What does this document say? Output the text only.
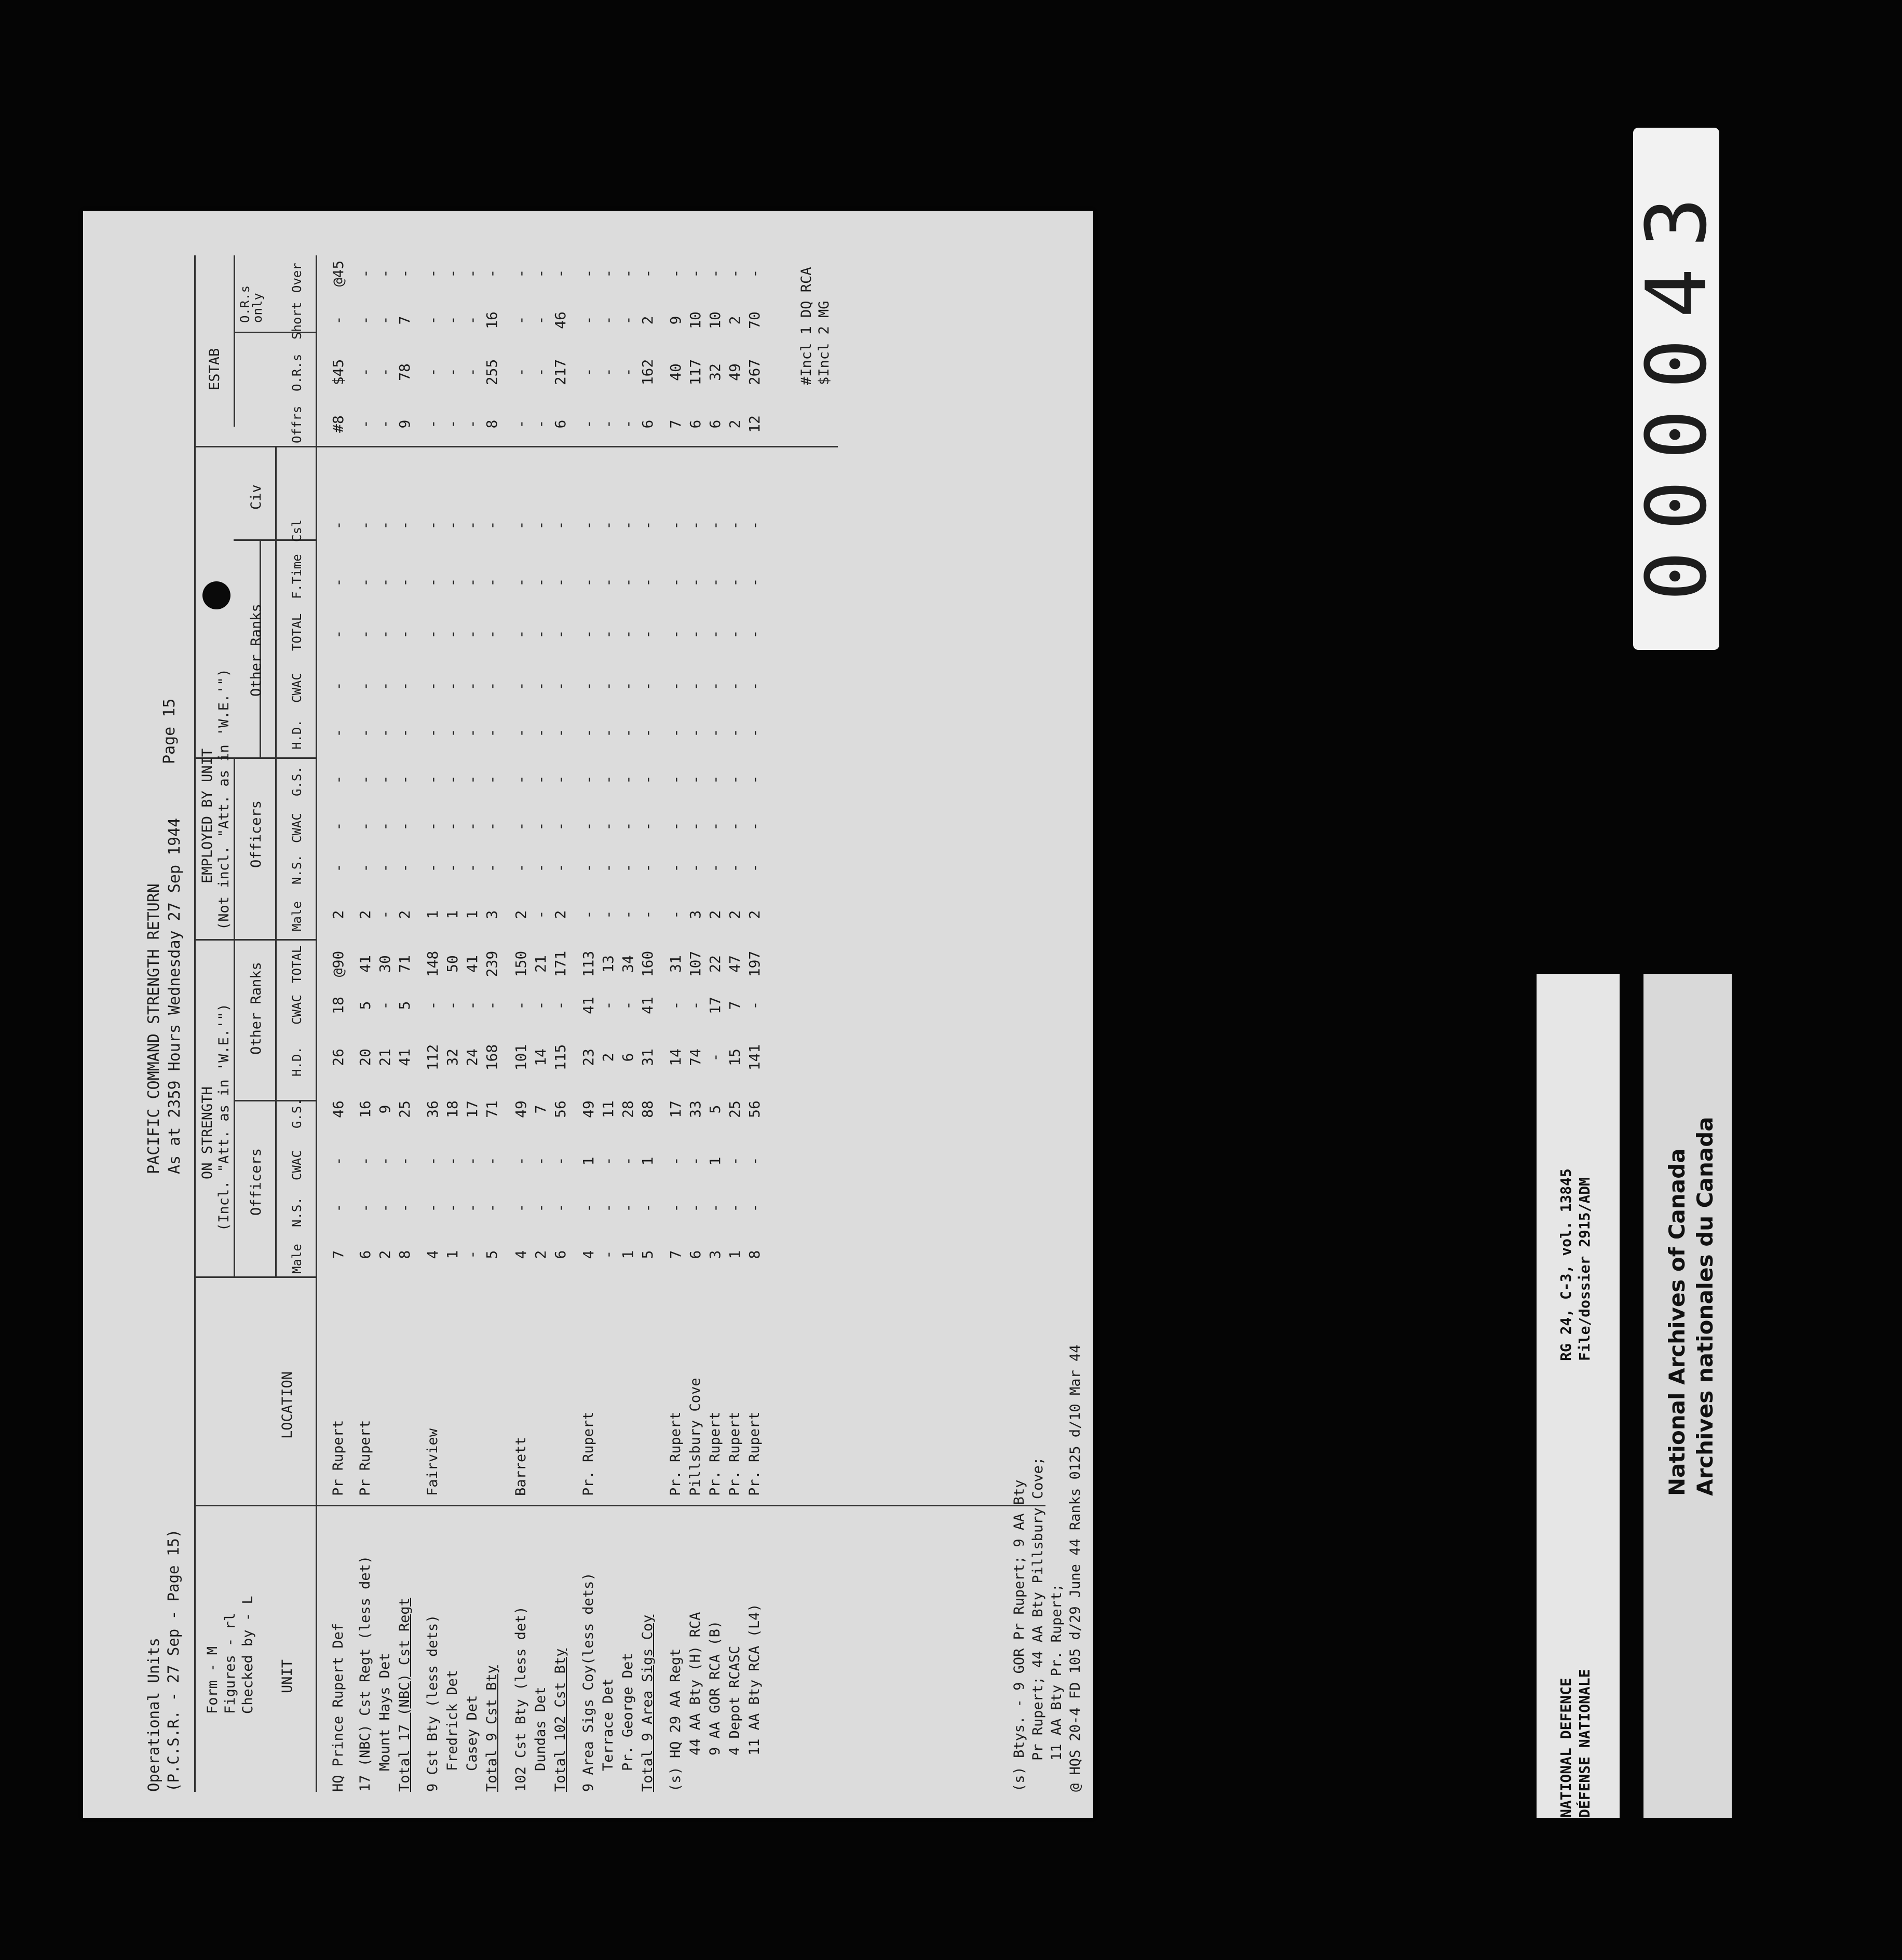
PACIFIC COMMAND STRENGTH RETURN As at 2359 Hours Wednesday 27 Sep 1944
Page 15
Operational Units (P.C.S.R. - 27 Sep - Page 15) Form - M Figures - rl Checked by - L UNIT
LOCATION
ON STRENGTH (Incl. "Att. as in 'W.E.'") Officers
Other Ranks
EMPLOYED BY UNIT (Not incl. "Att. as in 'W.E.'") Officers
Other Ranks
Civ
ESTAB
O.R.s only
Male
N.S.
CWAC
G.S.
H.D.
CWAC
TOTAL
Male
N.S.
CWAC
G.S.
H.D.
CWAC
TOTAL
F.Time
Csl
Offrs
O.R.s
Short
Over
HQ Prince Rupert Def
Pr Rupert
7
-
-
46
26
18
@90
2
-
-
-
-
-
-
-
-
#8
$45
-
@45
17 (NBC) Cst Regt (less det)
Pr Rupert
6
-
-
16
20
5
41
2
-
-
-
-
-
-
-
-
-
-
-
-
Mount Hays Det
2
-
-
9
21
-
30
-
-
-
-
-
-
-
-
-
-
-
-
-
Total 17 (NBC) Cst Regt
8
-
-
25
41
5
71
2
-
-
-
-
-
-
-
-
9
78
7
-
9 Cst Bty (less dets)
Fairview
4
-
-
36
112
-
148
1
-
-
-
-
-
-
-
-
-
-
-
-
Fredrick Det
1
-
-
18
32
-
50
1
-
-
-
-
-
-
-
-
-
-
-
-
Casey Det
-
-
-
17
24
-
41
1
-
-
-
-
-
-
-
-
-
-
-
-
Total 9 Cst Bty
5
-
-
71
168
-
239
3
-
-
-
-
-
-
-
-
8
255
16
-
102 Cst Bty (less det)
Barrett
4
-
-
49
101
-
150
2
-
-
-
-
-
-
-
-
-
-
-
-
Dundas Det
2
-
-
7
14
-
21
-
-
-
-
-
-
-
-
-
-
-
-
-
Total 102 Cst Bty
6
-
-
56
115
-
171
2
-
-
-
-
-
-
-
-
6
217
46
-
9 Area Sigs Coy(less dets)
Pr. Rupert
4
-
1
49
23
41
113
-
-
-
-
-
-
-
-
-
-
-
-
-
Terrace Det
-
-
-
11
2
-
13
-
-
-
-
-
-
-
-
-
-
-
-
-
Pr. George Det
1
-
-
28
6
-
34
-
-
-
-
-
-
-
-
-
-
-
-
-
Total 9 Area Sigs Coy
5
-
1
88
31
41
160
-
-
-
-
-
-
-
-
-
6
162
2
-
(s) HQ 29 AA Regt
Pr. Rupert
7
-
-
17
14
-
31
-
-
-
-
-
-
-
-
-
7
40
9
-
44 AA Bty (H) RCA
Pillsbury Cove
6
-
-
33
74
-
107
3
-
-
-
-
-
-
-
-
6
117
10
-
9 AA GOR RCA (B)
Pr. Rupert
3
-
1
5
-
17
22
2
-
-
-
-
-
-
-
-
6
32
10
-
4 Depot RCASC
Pr. Rupert
1
-
-
25
15
7
47
2
-
-
-
-
-
-
-
-
2
49
2
-
11 AA Bty RCA (L4)
Pr. Rupert
8
-
-
56
141
-
197
2
-
-
-
-
-
-
-
-
12
267
70
-	#Incl 1 DQ RCA $Incl 2 MG
(s) Btys. - 9 GOR Pr Rupert; 9 AA Bty Pr Rupert; 44 AA Bty Pillsbury Cove; 11 AA Bty Pr. Rupert; @ HQS 20-4 FD 105 d/29 June 44 Ranks 0125 d/10 Mar 44
000043
NATIONAL DEFENCE DÉFENSE NATIONALE
RG 24, C-3, vol. 13845 File/dossier 2915/ADM	National Archives of Canada Archives nationales du Canada
